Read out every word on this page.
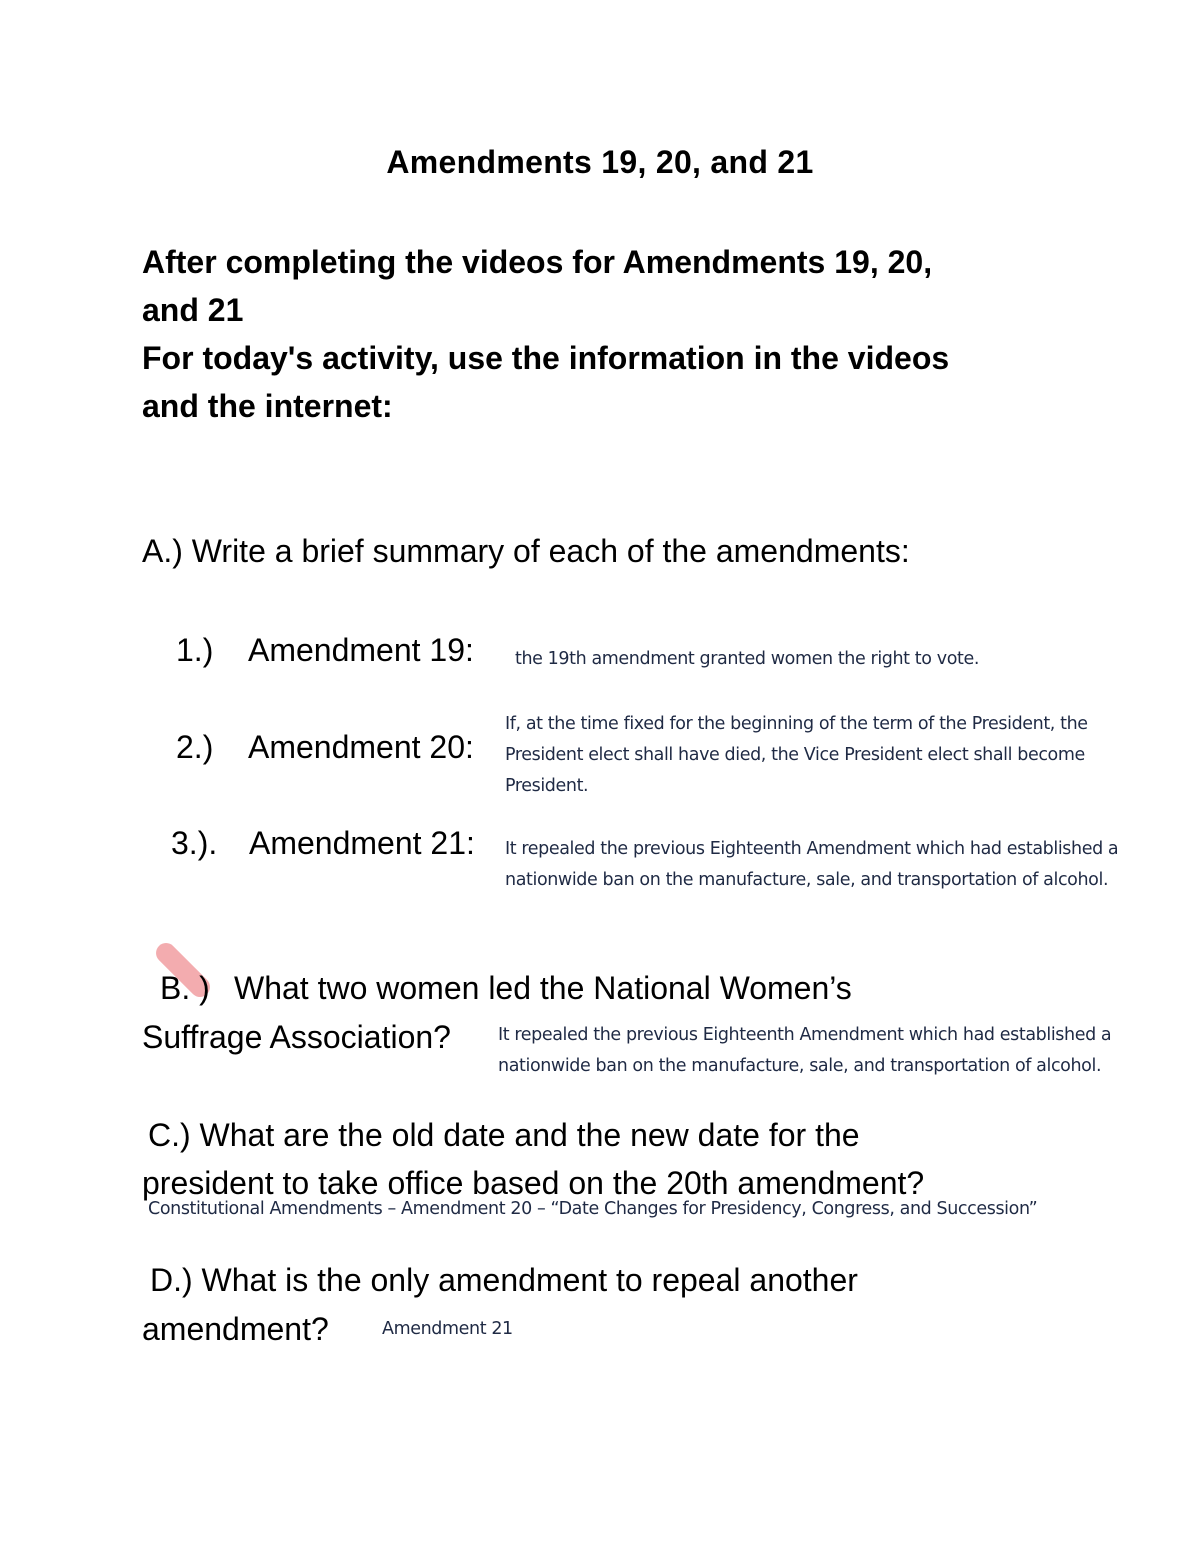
Amendments 19, 20, and 21
After completing the videos for Amendments 19, 20,
and 21
For today's activity, use the information in the videos
and the internet:
A.) Write a brief summary of each of the amendments:
1.) Amendment 19: the 19th amendment granted women the right to vote.
2.) Amendment 20:
If, at the time fixed for the beginning of the term of the President, the
President elect shall have died, the Vice President elect shall become
President.
3.). Amendment 21: It repealed the previous Eighteenth Amendment which had established a
nationwide ban on the manufacture, sale, and transportation of alcohol.
B. ) What two women led the National Women’s
Suffrage Association?	It repealed the previous Eighteenth Amendment which had established a
nationwide ban on the manufacture, sale, and transportation of alcohol.
C.) What are the old date and the new date for the
president to take office based on the 20th amendment?
Constitutional Amendments – Amendment 20 – “Date Changes for Presidency, Congress, and Succession”
D.) What is the only amendment to repeal another
amendment?	Amendment 21
